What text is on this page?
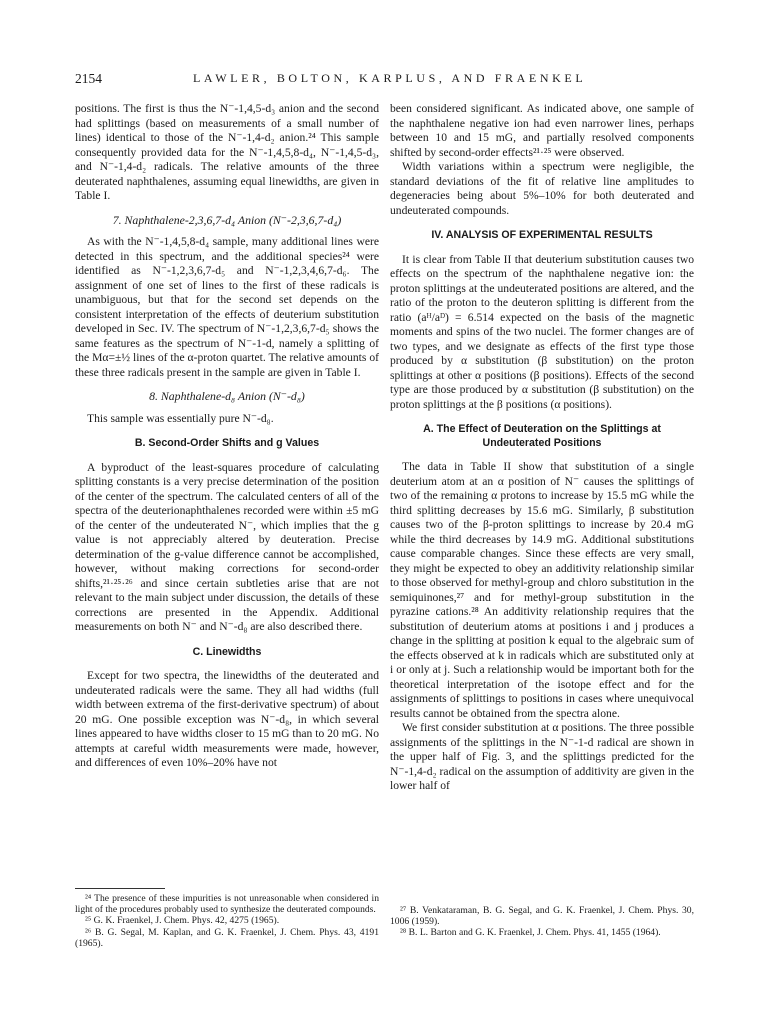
2154	LAWLER, BOLTON, KARPLUS, AND FRAENKEL

positions. The first is thus the N⁻-1,4,5-d₃ anion and the second had splittings (based on measurements of a small number of lines) identical to those of the N⁻-1,4-d₂ anion.²⁴ This sample consequently provided data for the N⁻-1,4,5,8-d₄, N⁻-1,4,5-d₃, and N⁻-1,4-d₂ radicals. The relative amounts of the three deuterated naphthalenes, assuming equal linewidths, are given in Table I.

7. Naphthalene-2,3,6,7-d₄ Anion (N⁻-2,3,6,7-d₄)

As with the N⁻-1,4,5,8-d₄ sample, many additional lines were detected in this spectrum, and the additional species²⁴ were identified as N⁻-1,2,3,6,7-d₅ and N⁻-1,2,3,4,6,7-d₆. The assignment of one set of lines to the first of these radicals is unambiguous, but that for the second set depends on the consistent interpretation of the effects of deuterium substitution developed in Sec. IV. The spectrum of N⁻-1,2,3,6,7-d₅ shows the same features as the spectrum of N⁻-1-d, namely a splitting of the Mα=±½ lines of the α-proton quartet. The relative amounts of these three radicals present in the sample are given in Table I.

8. Naphthalene-d₈ Anion (N⁻-d₈)

This sample was essentially pure N⁻-d₈.

B. Second-Order Shifts and g Values

A byproduct of the least-squares procedure of calculating splitting constants is a very precise determination of the position of the center of the spectrum. The calculated centers of all of the spectra of the deuterionaphthalenes recorded were within ±5 mG of the center of the undeuterated N⁻, which implies that the g value is not appreciably altered by deuteration. Precise determination of the g-value difference cannot be accomplished, however, without making corrections for second-order shifts,²¹·²⁵·²⁶ and since certain subtleties arise that are not relevant to the main subject under discussion, the details of these corrections are presented in the Appendix. Additional measurements on both N⁻ and N⁻-d₈ are also described there.

C. Linewidths

Except for two spectra, the linewidths of the deuterated and undeuterated radicals were the same. They all had widths (full width between extrema of the first-derivative spectrum) of about 20 mG. One possible exception was N⁻-d₈, in which several lines appeared to have widths closer to 15 mG than to 20 mG. No attempts at careful width measurements were made, however, and differences of even 10%–20% have not

been considered significant. As indicated above, one sample of the naphthalene negative ion had even narrower lines, perhaps between 10 and 15 mG, and partially resolved components shifted by second-order effects²¹·²⁵ were observed.

Width variations within a spectrum were negligible, the standard deviations of the fit of relative line amplitudes to degeneracies being about 5%–10% for both deuterated and undeuterated compounds.

IV. ANALYSIS OF EXPERIMENTAL RESULTS

It is clear from Table II that deuterium substitution causes two effects on the spectrum of the naphthalene negative ion: the proton splittings at the undeuterated positions are altered, and the ratio of the proton to the deuteron splitting is different from the ratio (aᴴ/aᴰ) = 6.514 expected on the basis of the magnetic moments and spins of the two nuclei. The former changes are of two types, and we designate as effects of the first type those produced by α substitution (β substitution) on the proton splittings at other α positions (β positions). Effects of the second type are those produced by α substitution (β substitution) on the proton splittings at the β positions (α positions).

A. The Effect of Deuteration on the Splittings at Undeuterated Positions

The data in Table II show that substitution of a single deuterium atom at an α position of N⁻ causes the splittings of two of the remaining α protons to increase by 15.5 mG while the third splitting decreases by 15.6 mG. Similarly, β substitution causes two of the β-proton splittings to increase by 20.4 mG while the third decreases by 14.9 mG. Additional substitutions cause comparable changes. Since these effects are very small, they might be expected to obey an additivity relationship similar to those observed for methyl-group and chloro substitution in the semiquinones,²⁷ and for methyl-group substitution in the pyrazine cations.²⁸ An additivity relationship requires that the substitution of deuterium atoms at positions i and j produces a change in the splitting at position k equal to the algebraic sum of the effects observed at k in radicals which are substituted only at i or only at j. Such a relationship would be important both for the theoretical interpretation of the isotope effect and for the assignments of splittings to positions in cases where unequivocal results cannot be obtained from the spectra alone.

We first consider substitution at α positions. The three possible assignments of the splittings in the N⁻-1-d radical are shown in the upper half of Fig. 3, and the splittings predicted for the N⁻-1,4-d₂ radical on the assumption of additivity are given in the lower half of

²⁴ The presence of these impurities is not unreasonable when considered in light of the procedures probably used to synthesize the deuterated compounds.

²⁵ G. K. Fraenkel, J. Chem. Phys. 42, 4275 (1965).

²⁶ B. G. Segal, M. Kaplan, and G. K. Fraenkel, J. Chem. Phys. 43, 4191 (1965).

²⁷ B. Venkataraman, B. G. Segal, and G. K. Fraenkel, J. Chem. Phys. 30, 1006 (1959).

²⁸ B. L. Barton and G. K. Fraenkel, J. Chem. Phys. 41, 1455 (1964).
